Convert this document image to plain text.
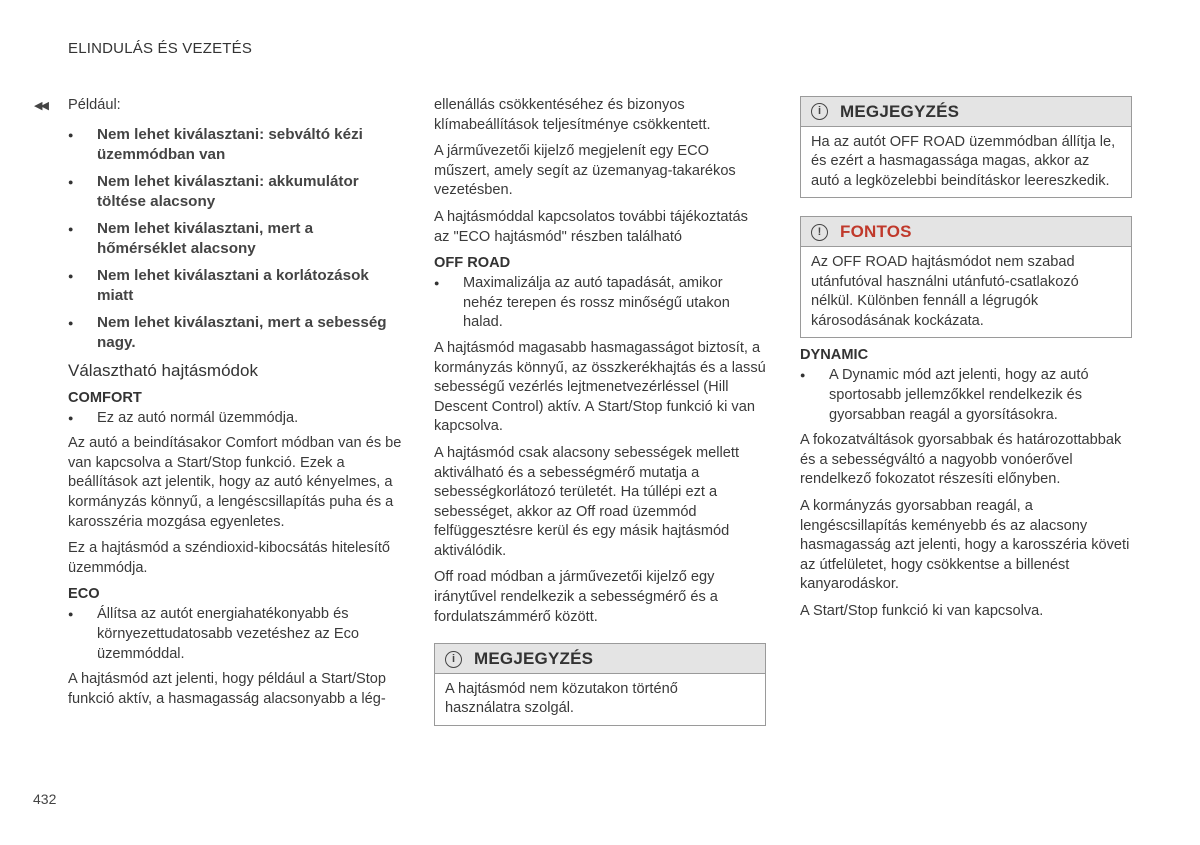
ELINDULÁS ÉS VEZETÉS
◀◀ Például:

● Nem lehet kiválasztani: sebváltó kézi üzemmódban van
● Nem lehet kiválasztani: akkumulátor töltése alacsony
● Nem lehet kiválasztani, mert a hőmérséklet alacsony
● Nem lehet kiválasztani a korlátozások miatt
● Nem lehet kiválasztani, mert a sebesség nagy.
Választható hajtásmódok
COMFORT
● Ez az autó normál üzemmódja.

Az autó a beindításakor Comfort módban van és be van kapcsolva a Start/Stop funkció. Ezek a beállítások azt jelentik, hogy az autó kényelmes, a kormányzás könnyű, a lengéscsillapítás puha és a karosszéria mozgása egyenletes.

Ez a hajtásmód a széndioxid-kibocsátás hitelesítő üzemmódja.

ECO
● Állítsa az autót energiahatékonyabb és környezettudatosabb vezetéshez az Eco üzemmóddal.

A hajtásmód azt jelenti, hogy például a Start/Stop funkció aktív, a hasmagasság alacsonyabb a lég-

ellenállás csökkentéséhez és bizonyos klímabeállítások teljesítménye csökkentett.

A járművezetői kijelző megjelenít egy ECO műszert, amely segít az üzemanyag-takarékos vezetésben.

A hajtásmóddal kapcsolatos további tájékoztatás az "ECO hajtásmód" részben található

OFF ROAD
● Maximalizálja az autó tapadását, amikor nehéz terepen és rossz minőségű utakon halad.

A hajtásmód magasabb hasmagasságot biztosít, a kormányzás könnyű, az összkerékhajtás és a lassú sebességű vezérlés lejtmenetvezérléssel (Hill Descent Control) aktív. A Start/Stop funkció ki van kapcsolva.

A hajtásmód csak alacsony sebességek mellett aktiválható és a sebességmérő mutatja a sebességkorlátozó területét. Ha túllépi ezt a sebességet, akkor az Off road üzemmód felfüggesztésre kerül és egy másik hajtásmód aktiválódik.

Off road módban a járművezetői kijelző egy iránytűvel rendelkezik a sebességmérő és a fordulatszámmérő között.

i	MEGJEGYZÉS
A hajtásmód nem közutakon történő használatra szolgál.
i	MEGJEGYZÉS
Ha az autót OFF ROAD üzemmódban állítja le, és ezért a hasmagassága magas, akkor az autó a legközelebbi beindításkor leereszkedik.
!	FONTOS
Az OFF ROAD hajtásmódot nem szabad utánfutóval használni utánfutó-csatlakozó nélkül. Különben fennáll a légrugók károsodásának kockázata.
DYNAMIC
● A Dynamic mód azt jelenti, hogy az autó sportosabb jellemzőkkel rendelkezik és gyorsabban reagál a gyorsításokra.

A fokozatváltások gyorsabbak és határozottabbak és a sebességváltó a nagyobb vonóerővel rendelkező fokozatot részesíti előnyben.

A kormányzás gyorsabban reagál, a lengéscsillapítás keményebb és az alacsony hasmagasság azt jelenti, hogy a karosszéria követi az útfelületet, hogy csökkentse a billenést kanyarodáskor.

A Start/Stop funkció ki van kapcsolva.

432
